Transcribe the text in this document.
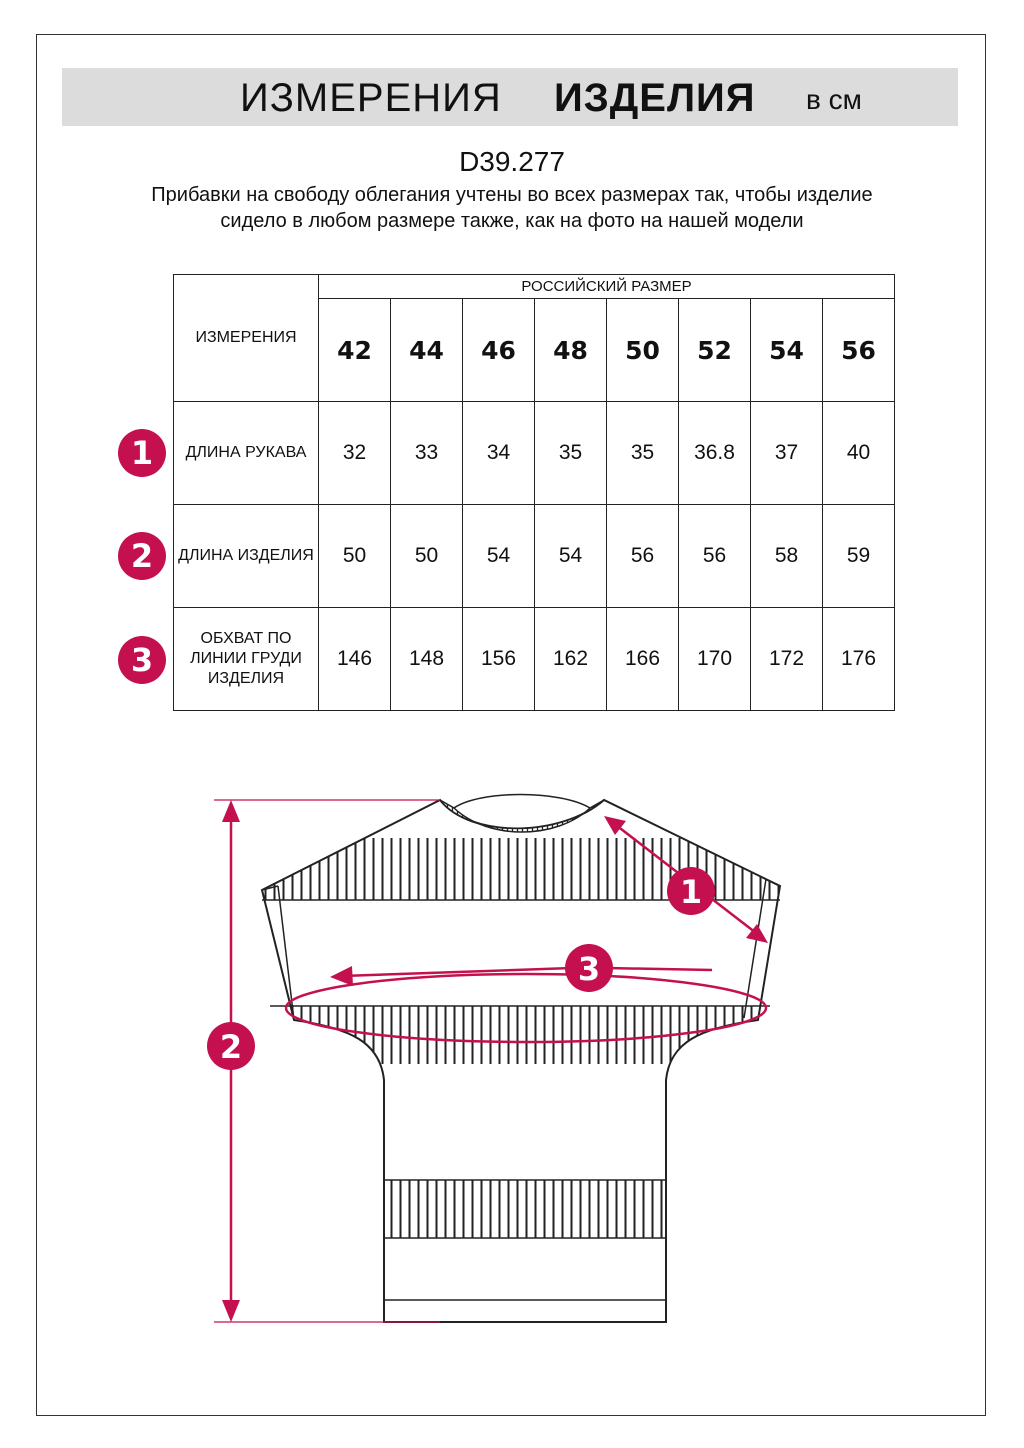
ИЗМЕРЕНИЯ ИЗДЕЛИЯ в см
D39.277
Прибавки на свободу облегания учтены во всех размерах так, чтобы изделие сидело в любом размере также, как на фото на нашей модели
ИЗМЕРЕНИЯ	РОССИЙСКИЙ РАЗМЕР							
	42	44	46	48	50	52	54	56
ДЛИНА РУКАВА	32	33	34	35	35	36.8	37	40
ДЛИНА ИЗДЕЛИЯ	50	50	54	54	56	56	58	59
ОБХВАТ ПО ЛИНИИ ГРУДИ ИЗДЕЛИЯ	146	148	156	162	166	170	172	176
1
2
3
1
2
3
